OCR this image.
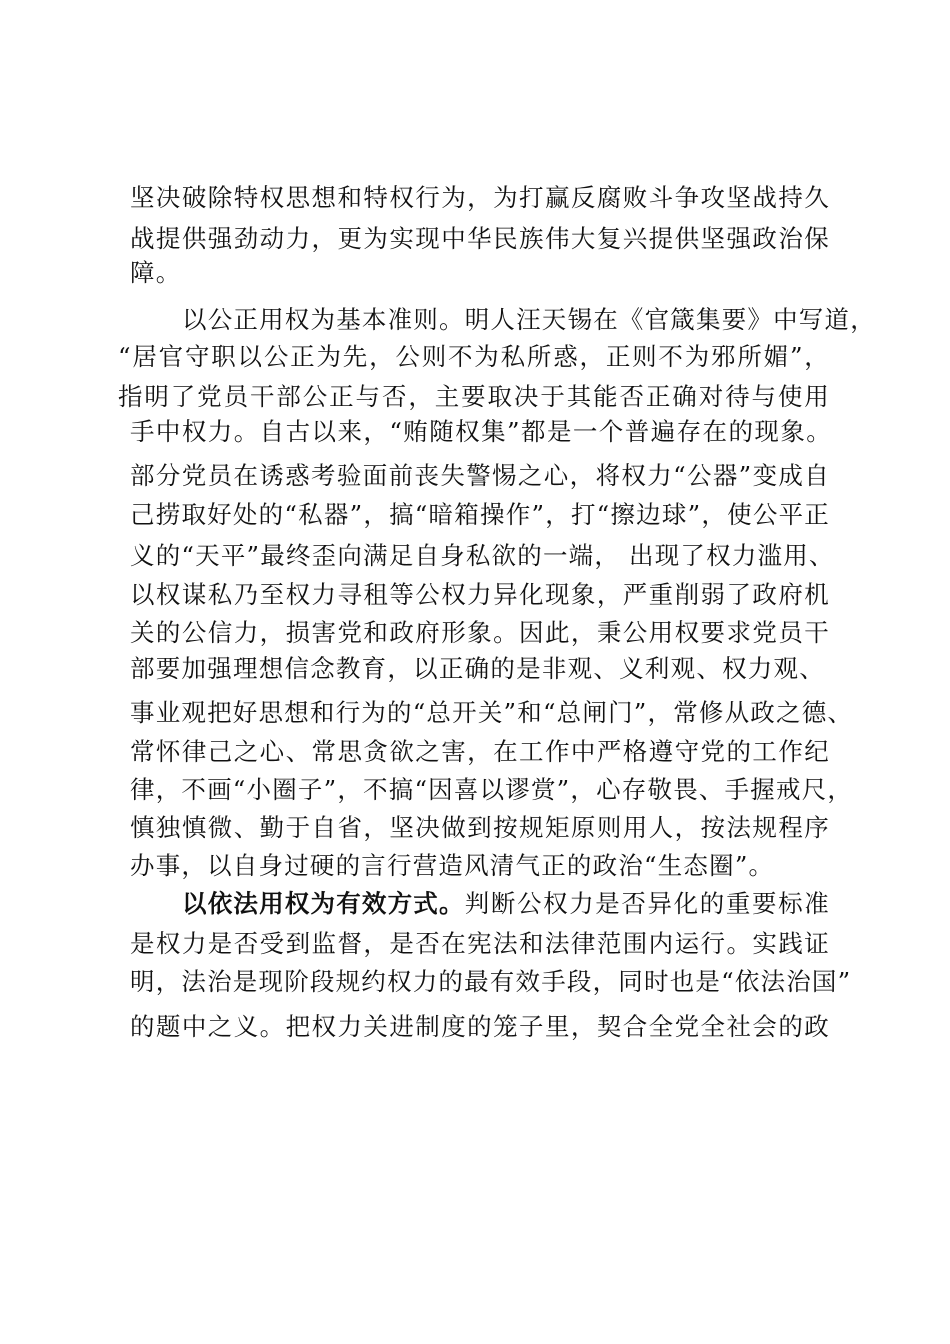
坚决破除特权思想和特权行为，为打赢反腐败斗争攻坚战持久
战提供强劲动力，更为实现中华民族伟大复兴提供坚强政治保
障。
以公正用权为基本准则。明人汪天锡在《官箴集要》中写道，
“居官守职以公正为先，公则不为私所惑，正则不为邪所媚”，
指明了党员干部公正与否，主要取决于其能否正确对待与使用
手中权力。自古以来，“贿随权集”都是一个普遍存在的现象。
部分党员在诱惑考验面前丧失警惕之心，将权力“公器”变成自
己捞取好处的“私器”，搞“暗箱操作”，打“擦边球”，使公平正
义的“天平”最终歪向满足自身私欲的一端， 出现了权力滥用、
以权谋私乃至权力寻租等公权力异化现象，严重削弱了政府机
关的公信力，损害党和政府形象。因此，秉公用权要求党员干
部要加强理想信念教育，以正确的是非观、义利观、权力观、
事业观把好思想和行为的“总开关”和“总闸门”，常修从政之德、
常怀律己之心、常思贪欲之害，在工作中严格遵守党的工作纪
律，不画“小圈子”，不搞“因喜以谬赏”，心存敬畏、手握戒尺，
慎独慎微、勤于自省，坚决做到按规矩原则用人，按法规程序
办事，以自身过硬的言行营造风清气正的政治“生态圈”。
以依法用权为有效方式。 判断公权力是否异化的重要标准
是权力是否受到监督，是否在宪法和法律范围内运行。实践证
明，法治是现阶段规约权力的最有效手段，同时也是“依法治国”
的题中之义。把权力关进制度的笼子里，契合全党全社会的政
